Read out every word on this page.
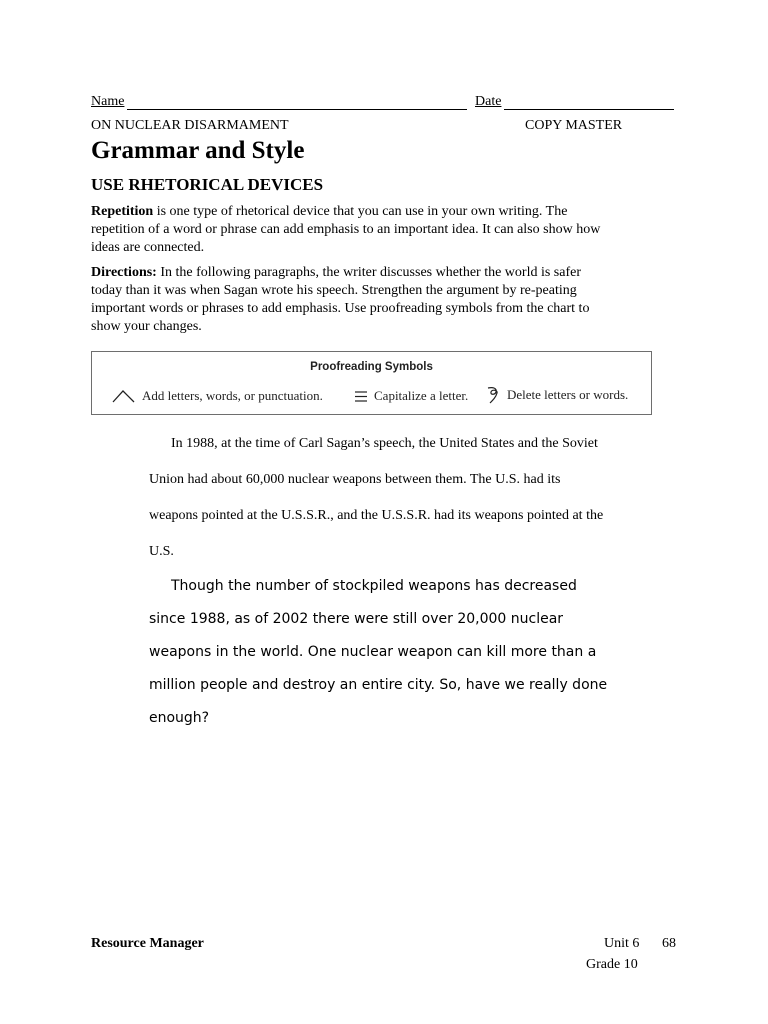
Name	Date
ON NUCLEAR DISARMAMENT	COPY MASTER
Grammar and Style
USE RHETORICAL DEVICES
Repetition is one type of rhetorical device that you can use in your own writing. The repetition of a word or phrase can add emphasis to an important idea. It can also show how ideas are connected.
Directions: In the following paragraphs, the writer discusses whether the world is safer today than it was when Sagan wrote his speech. Strengthen the argument by re-peating important words or phrases to add emphasis. Use proofreading symbols from the chart to show your changes.
Proofreading Symbols
Add letters, words, or punctuation.	Capitalize a letter.	Delete letters or words.
In 1988, at the time of Carl Sagan’s speech, the United States and the Soviet Union had about 60,000 nuclear weapons between them. The U.S. had its weapons pointed at the U.S.S.R., and the U.S.S.R. had its weapons pointed at the U.S.
Though the number of stockpiled weapons has decreased since 1988, as of 2002 there were still over 20,000 nuclear weapons in the world. One nuclear weapon can kill more than a million people and destroy an entire city. So, have we really done enough?
Resource Manager	Unit 6 68
Grade 10
